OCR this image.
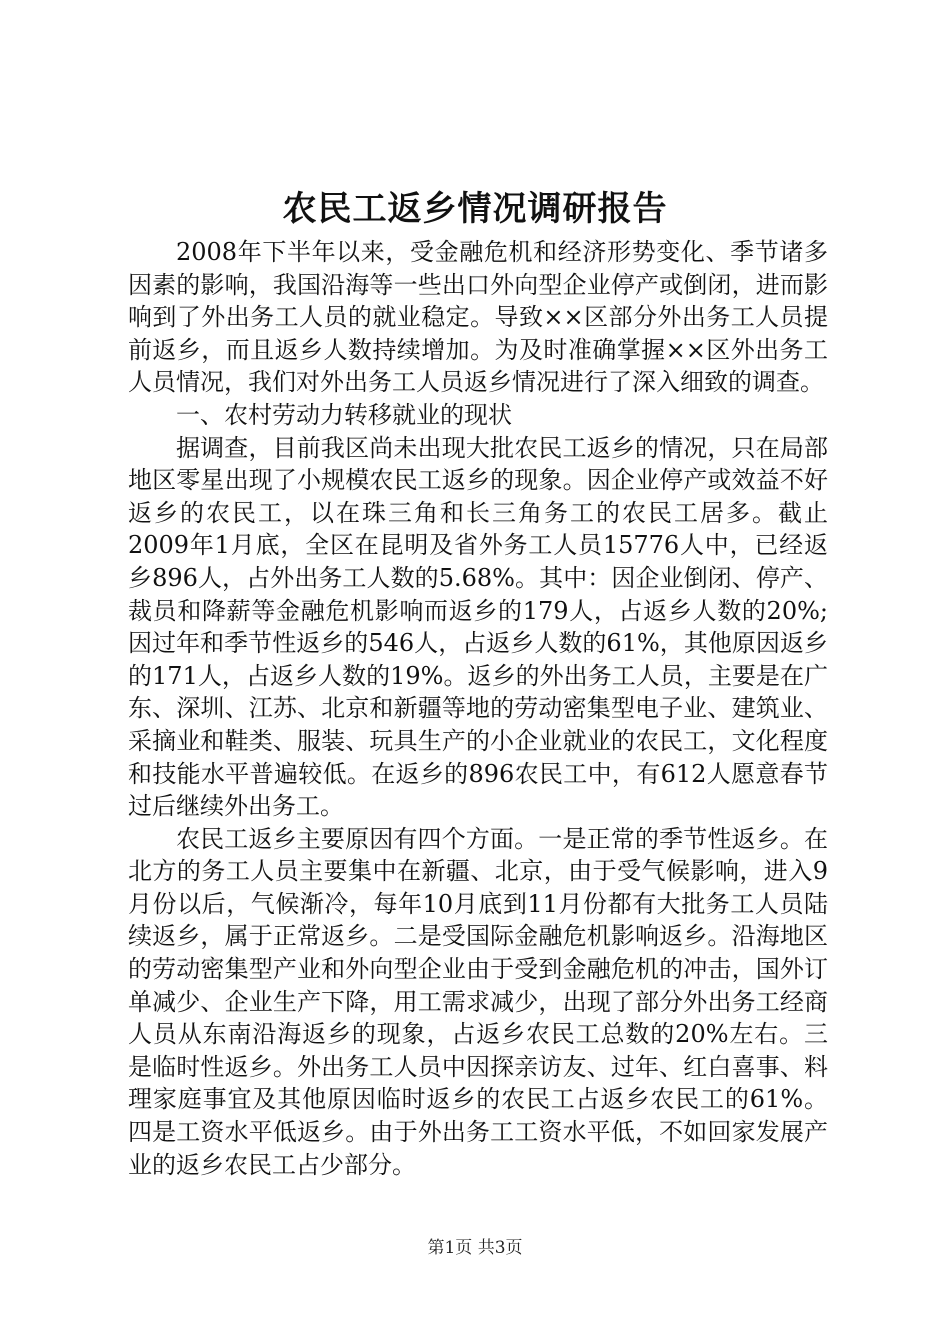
农民工返乡情况调研报告

2008年下半年以来，受金融危机和经济形势变化、季节诸多因素的影响，我国沿海等一些出口外向型企业停产或倒闭，进而影响到了外出务工人员的就业稳定。导致××区部分外出务工人员提前返乡，而且返乡人数持续增加。为及时准确掌握××区外出务工人员情况，我们对外出务工人员返乡情况进行了深入细致的调查。

一、农村劳动力转移就业的现状

据调查，目前我区尚未出现大批农民工返乡的情况，只在局部地区零星出现了小规模农民工返乡的现象。因企业停产或效益不好返乡的农民工，以在珠三角和长三角务工的农民工居多。截止2009年1月底，全区在昆明及省外务工人员15776人中，已经返乡896人，占外出务工人数的5.68%。其中：因企业倒闭、停产、裁员和降薪等金融危机影响而返乡的179人，占返乡人数的20%;因过年和季节性返乡的546人，占返乡人数的61%，其他原因返乡的171人，占返乡人数的19%。返乡的外出务工人员，主要是在广东、深圳、江苏、北京和新疆等地的劳动密集型电子业、建筑业、采摘业和鞋类、服装、玩具生产的小企业就业的农民工，文化程度和技能水平普遍较低。在返乡的896农民工中，有612人愿意春节过后继续外出务工。

农民工返乡主要原因有四个方面。一是正常的季节性返乡。在北方的务工人员主要集中在新疆、北京，由于受气候影响，进入9月份以后，气候渐冷，每年10月底到11月份都有大批务工人员陆续返乡，属于正常返乡。二是受国际金融危机影响返乡。沿海地区的劳动密集型产业和外向型企业由于受到金融危机的冲击，国外订单减少、企业生产下降，用工需求减少，出现了部分外出务工经商人员从东南沿海返乡的现象，占返乡农民工总数的20%左右。三是临时性返乡。外出务工人员中因探亲访友、过年、红白喜事、料理家庭事宜及其他原因临时返乡的农民工占返乡农民工的61%。四是工资水平低返乡。由于外出务工工资水平低，不如回家发展产业的返乡农民工占少部分。

第1页 共3页
